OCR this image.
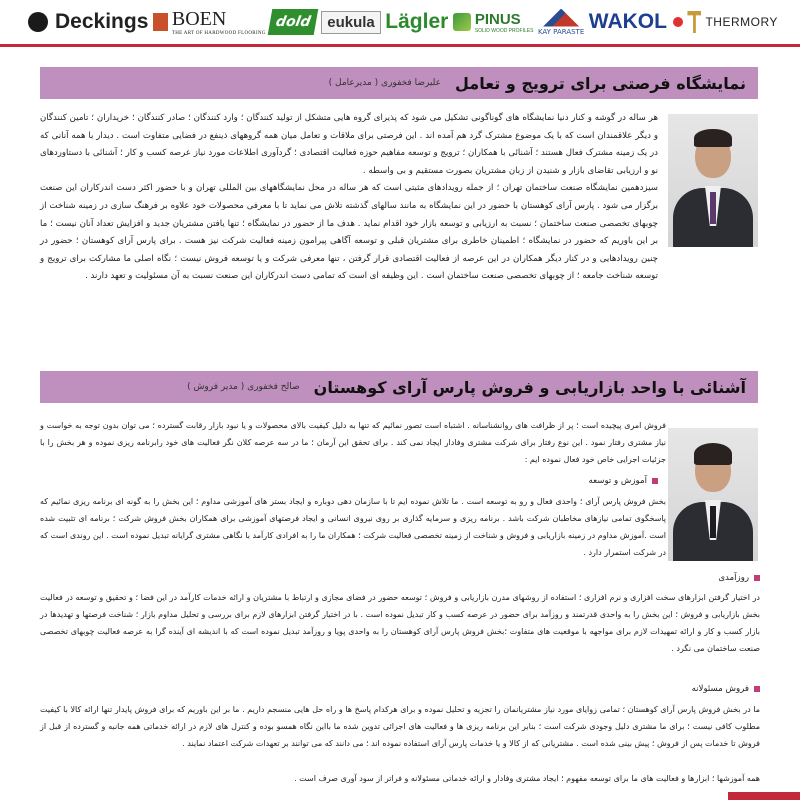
Deckings BOEN
THE ART OF HARDWOOD FLOORING
dold	eukula Lägler PINUS
SOLID WOOD PROFILES KAY PARASTE WAKOL	THERMORY
نمایشگاه فرصتی برای ترویج و تعامل
علیرضا فخفوری ( مدیرعامل )

هر ساله در گوشه و کنار دنیا نمایشگاه های گوناگونی تشکیل می شود که پذیرای گروه هایی متشکل از تولید کنندگان ؛ وارد کنندگان ؛ صادر کنندگان ؛ خریداران ؛ تامین کنندگان و دیگر علاقمندان است که با یک موضوع مشترک گرد هم آمده اند . این فرصتی برای ملاقات و تعامل میان همه گروههای ذینفع در فضایی متفاوت است . دیدار با همه آنانی که در یک زمینه مشترک فعال هستند ؛ آشنائی با همکاران ؛ ترویج و توسعه مفاهیم حوزه فعالیت اقتصادی ؛ گردآوری اطلاعات مورد نیاز عرصه کسب و کار ؛ آشنائی با دستاوردهای نو و ارزیابی تقاضای بازار و شنیدن از زبان مشتریان بصورت مستقیم و بی واسطه .

سیزدهمین نمایشگاه صنعت ساختمان تهران ؛ از جمله رویدادهای مثبتی است که هر ساله در محل نمایشگاههای بین المللی تهران و با حضور اکثر دست اندرکاران این صنعت برگزار می شود . پارس آرای کوهستان با حضور در این نمایشگاه به مانند سالهای گذشته تلاش می نماید تا با معرفی محصولات خود علاوه بر فرهنگ سازی در زمینه شناخت از چوبهای تخصصی صنعت ساختمان ؛ نسبت به ارزیابی و توسعه بازار خود اقدام نماید . هدف ما از حضور در نمایشگاه ؛ تنها یافتن مشتریان جدید و افزایش تعداد آنان نیست ؛ ما بر این باوریم که حضور در نمایشگاه ؛ اطمینان خاطری برای مشتریان قبلی و توسعه آگاهی پیرامون زمینه فعالیت شرکت نیز هست . برای پارس آرای کوهستان ؛ حضور در چنین رویدادهایی و در کنار دیگر همکاران در این عرصه از فعالیت اقتصادی قرار گرفتن ، تنها معرفی شرکت و یا توسعه فروش نیست ؛ نگاه اصلی ما مشارکت برای ترویج و توسعه شناخت جامعه ؛ از چوبهای تخصصی صنعت ساختمان است . این وظیفه ای است که تمامی دست اندرکاران این صنعت نسبت به آن مسئولیت و تعهد دارند .

آشنائی با واحد بازاریابی و فروش پارس آرای کوهستان
صالح فخفوری ( مدیر فروش )
فروش امری پیچیده است ؛ پر از ظرافت های روانشناسانه . اشتباه است تصور نمائیم که تنها به دلیل کیفیت بالای محصولات و یا نبود بازار رقابت گسترده ؛ می توان بدون توجه به خواست و نیاز مشتری رفتار نمود . این نوع رفتار برای شرکت مشتری وفادار ایجاد نمی کند . برای تحقق این آرمان ؛ ما در سه عرصه کلان نگر فعالیت های خود رابرنامه ریزی نموده و هر بخش را با جزئیات اجرایی خاص خود فعال نموده ایم :
آموزش و توسعه
بخش فروش پارس آرای ؛ واحدی فعال و رو به توسعه است . ما تلاش نموده ایم تا با سازمان دهی دوباره و ایجاد بستر های آموزشی مداوم ؛ این بخش را به گونه ای برنامه ریزی نمائیم که پاسخگوی تمامی نیازهای مخاطبان شرکت باشد . برنامه ریزی و سرمایه گذاری بر روی نیروی انسانی و ایجاد فرصتهای آموزشی برای همکاران بخش فروش شرکت ؛ برنامه ای تثبیت شده است .آموزش مداوم در زمینه بازاریابی و فروش و شناخت از زمینه تخصصی فعالیت شرکت ؛ همکاران ما را به افرادی کارآمد با نگاهی مشتری گرایانه تبدیل نموده است . این روندی است که در شرکت استمرار دارد .
روزآمدی
در اختیار گرفتن ابزارهای سخت افزاری و نرم افزاری ؛ استفاده از روشهای مدرن بازاریابی و فروش ؛ توسعه حضور در فضای مجازی و ارتباط با مشتریان و ارائه خدمات کارآمد در این فضا ؛ و تحقیق و توسعه در فعالیت بخش بازاریابی و فروش ؛ این بخش را به واحدی قدرتمند و روزآمد برای حضور در عرصه کسب و کار تبدیل نموده است . با در اختیار گرفتن ابزارهای لازم برای بررسی و تحلیل مداوم بازار ؛ شناخت فرصتها و تهدیدها در بازار کسب و کار و ارائه تمهیدات لازم برای مواجهه با موقعیت های متفاوت ؛بخش فروش پارس آرای کوهستان را به واحدی پویا و روزآمد تبدیل نموده است که با اندیشه ای آینده گرا به عرصه فعالیت چوبهای تخصصی صنعت ساختمان می نگرد .
فروش مسئولانه
ما در بخش فروش پارس آرای کوهستان ؛ تمامی زوایای مورد نیاز مشتریانمان را تجزیه و تحلیل نموده و برای هرکدام پاسخ ها و راه حل هایی منسجم داریم . ما بر این باوریم که برای فروش پایدار تنها ارائه کالا با کیفیت مطلوب کافی نیست ؛ برای ما مشتری دلیل وجودی شرکت است ؛ بنابر این برنامه ریزی ها و فعالیت های اجرائی تدوین شده ما بااین نگاه همسو بوده و کنترل های لازم در ارائه خدماتی همه جانبه و گسترده از قبل از فروش تا خدمات پس از فروش ؛ پیش بینی شده است . مشتریانی که از کالا و یا خدمات پارس آرای استفاده نموده اند ؛ می دانند که می توانند بر تعهدات شرکت اعتماد نمایند .
همه آموزشها ؛ ابزارها و فعالیت های ما برای توسعه مفهوم ؛ ایجاد مشتری وفادار و ارائه خدماتی مسئولانه و فراتر از سود آوری صرف است .
